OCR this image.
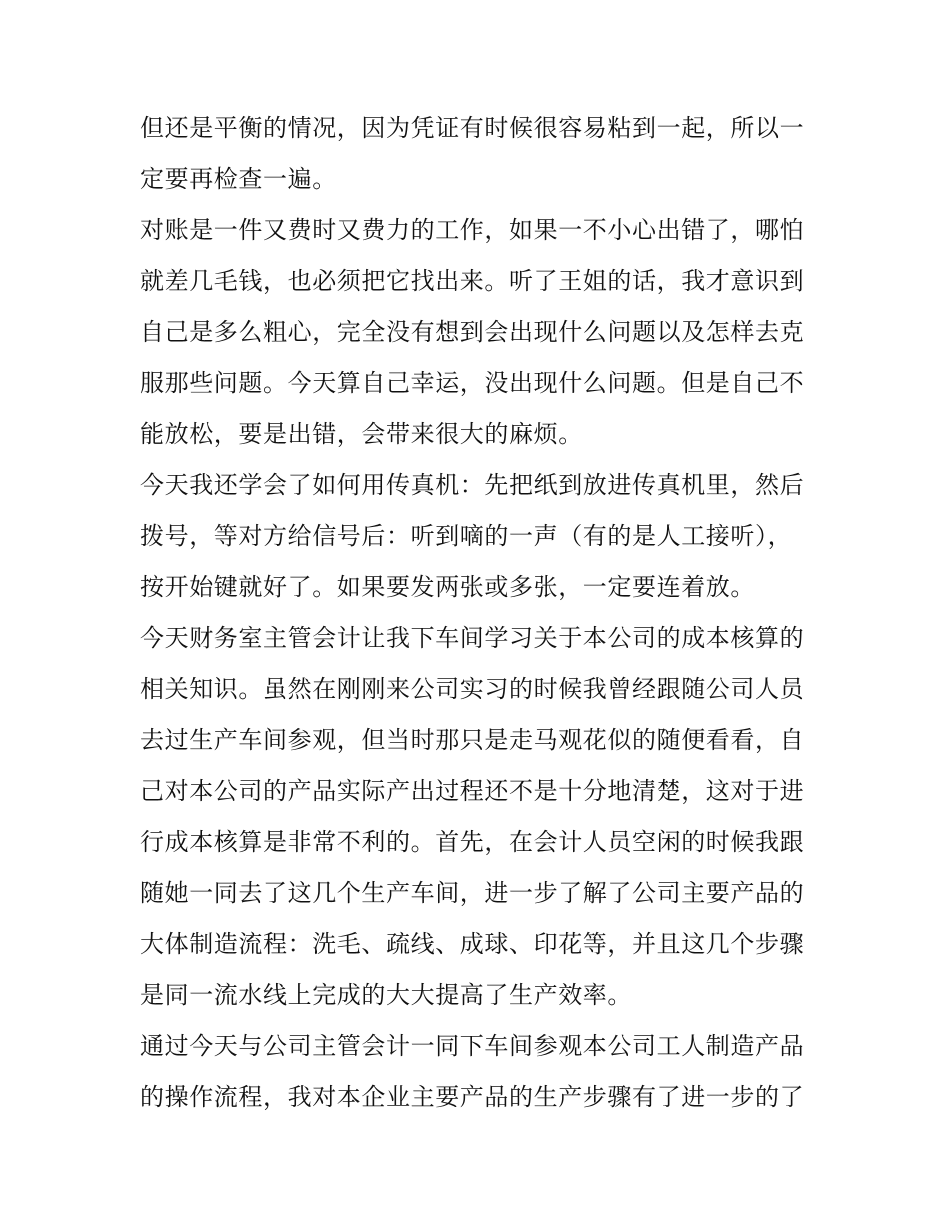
但还是平衡的情况，因为凭证有时候很容易粘到一起，所以一
定要再检查一遍。
对账是一件又费时又费力的工作，如果一不小心出错了，哪怕
就差几毛钱，也必须把它找出来。听了王姐的话，我才意识到
自己是多么粗心，完全没有想到会出现什么问题以及怎样去克
服那些问题。今天算自己幸运，没出现什么问题。但是自己不
能放松，要是出错，会带来很大的麻烦。
今天我还学会了如何用传真机：先把纸到放进传真机里，然后
拨号，等对方给信号后：听到嘀的一声（有的是人工接听），
按开始键就好了。如果要发两张或多张，一定要连着放。
今天财务室主管会计让我下车间学习关于本公司的成本核算的
相关知识。虽然在刚刚来公司实习的时候我曾经跟随公司人员
去过生产车间参观，但当时那只是走马观花似的随便看看，自
己对本公司的产品实际产出过程还不是十分地清楚，这对于进
行成本核算是非常不利的。首先，在会计人员空闲的时候我跟
随她一同去了这几个生产车间，进一步了解了公司主要产品的
大体制造流程：洗毛、疏线、成球、印花等，并且这几个步骤
是同一流水线上完成的大大提高了生产效率。
通过今天与公司主管会计一同下车间参观本公司工人制造产品
的操作流程，我对本企业主要产品的生产步骤有了进一步的了
